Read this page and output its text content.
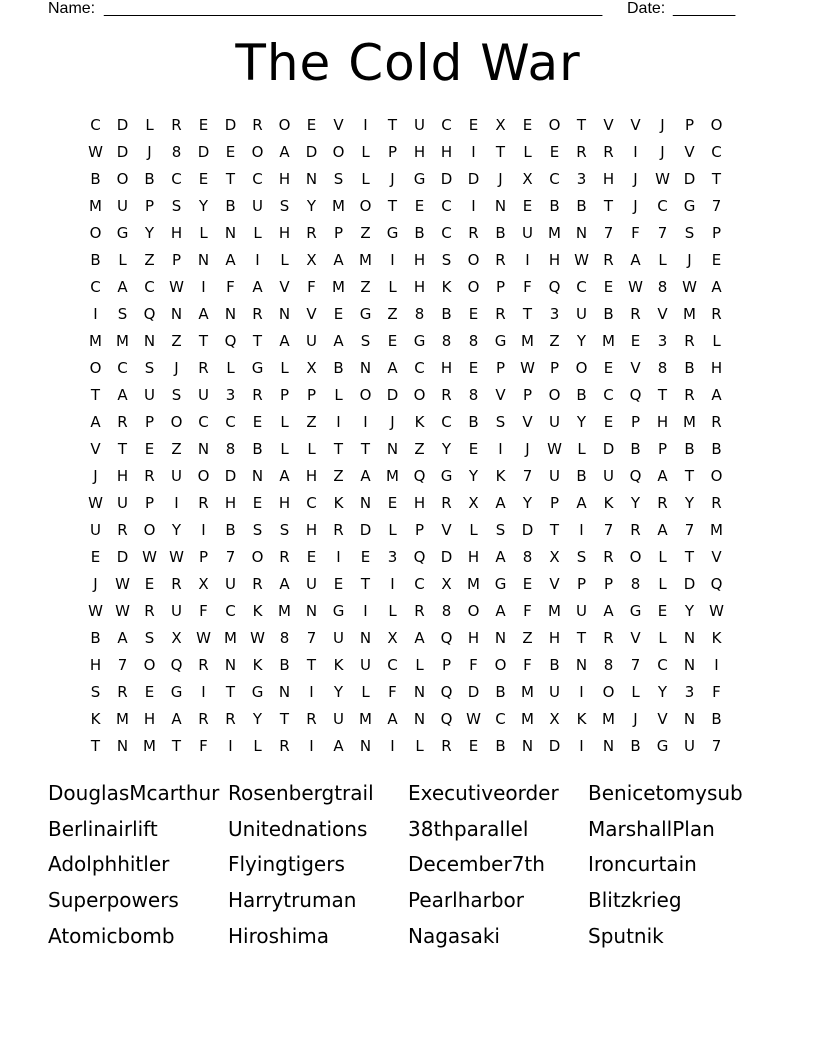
Name: ________________________________________________________ Date: _______
The Cold War
C	D	L	R	E	D	R	O	E	V	I	T	U	C	E	X	E	O	T	V	V	J	P	O
W D	J	8	D	E	O	A	D	O	L	P	H	H	I	T	L	E	R	R	I	J	V	C
B	O	B	C	E	T	C	H	N	S	L	J	G	D	D	J	X	C	3	H	J	W D	T
M	U	P	S	Y	B	U	S	Y	M O	T	E	C	I	N	E	B	B	T	J	C	G	7
O	G	Y	H	L	N	L	H	R	P	Z	G	B	C	R	B	U	M N	7	F	7	S	P
B	L	Z	P	N	A	I	L	X	A	M	I	H	S	O	R	I	H W R	A	L	J	E
C	A	C W	I	F	A	V	F	M	Z	L	H	K	O	P	F	Q	C	E W 8 W A
I	S	Q	N	A	N	R	N	V	E	G	Z	8	B	E	R	T	3	U	B	R	V	M	R
M M N	Z	T	Q	T	A	U	A	S	E	G	8	8	G M	Z	Y	M	E	3	R	L
O	C	S	J	R	L	G	L	X	B	N	A	C	H	E	P	W	P	O	E	V	8	B	H
T	A	U	S	U	3	R	P	P	L	O	D	O	R	8	V	P	O	B	C	Q	T	R	A
A	R	P	O	C	C	E	L	Z	I	I	J	K	C	B	S	V	U	Y	E	P	H M	R
V	T	E	Z	N	8	B	L	L	T	T	N	Z	Y	E	I	J	W	L	D	B	P	B	B
J	H	R	U	O	D	N	A	H	Z	A	M Q	G	Y	K	7	U	B	U	Q	A	T	O
W U	P	I	R	H	E	H	C	K	N	E	H	R	X	A	Y	P	A	K	Y	R	Y	R
U	R	O	Y	I	B	S	S	H	R	D	L	P	V	L	S	D	T	I	7	R	A	7	M
E	D W W	P	7	O	R	E	I	E	3	Q	D	H	A	8	X	S	R	O	L	T	V
J	W E	R	X	U	R	A	U	E	T	I	C	X	M G	E	V	P	P	8	L	D	Q
W W R	U	F	C	K	M N	G	I	L	R	8	O	A	F	M	U	A	G	E	Y	W
B	A	S	X W M W 8	7	U	N	X	A	Q	H	N	Z	H	T	R	V	L	N	K
H	7	O	Q	R	N	K	B	T	K	U	C	L	P	F	O	F	B	N	8	7	C	N	I
S	R	E	G	I	T	G	N	I	Y	L	F	N	Q	D	B	M	U	I	O	L	Y	3	F
K	M H	A	R	R	Y	T	R	U	M	A	N	Q W C	M	X	K	M	J	V	N	B
T	N M	T	F	I	L	R	I	A	N	I	L	R	E	B	N	D	I	N	B	G	U	7
DouglasMcarthur Rosenbergtrail	Executiveorder	Benicetomysub
Berlinairlift	Unitednations	38thparallel	MarshallPlan
Adolphhitler	Flyingtigers	December7th	Ironcurtain
Superpowers	Harrytruman	Pearlharbor	Blitzkrieg
Atomicbomb	Hiroshima	Nagasaki	Sputnik
